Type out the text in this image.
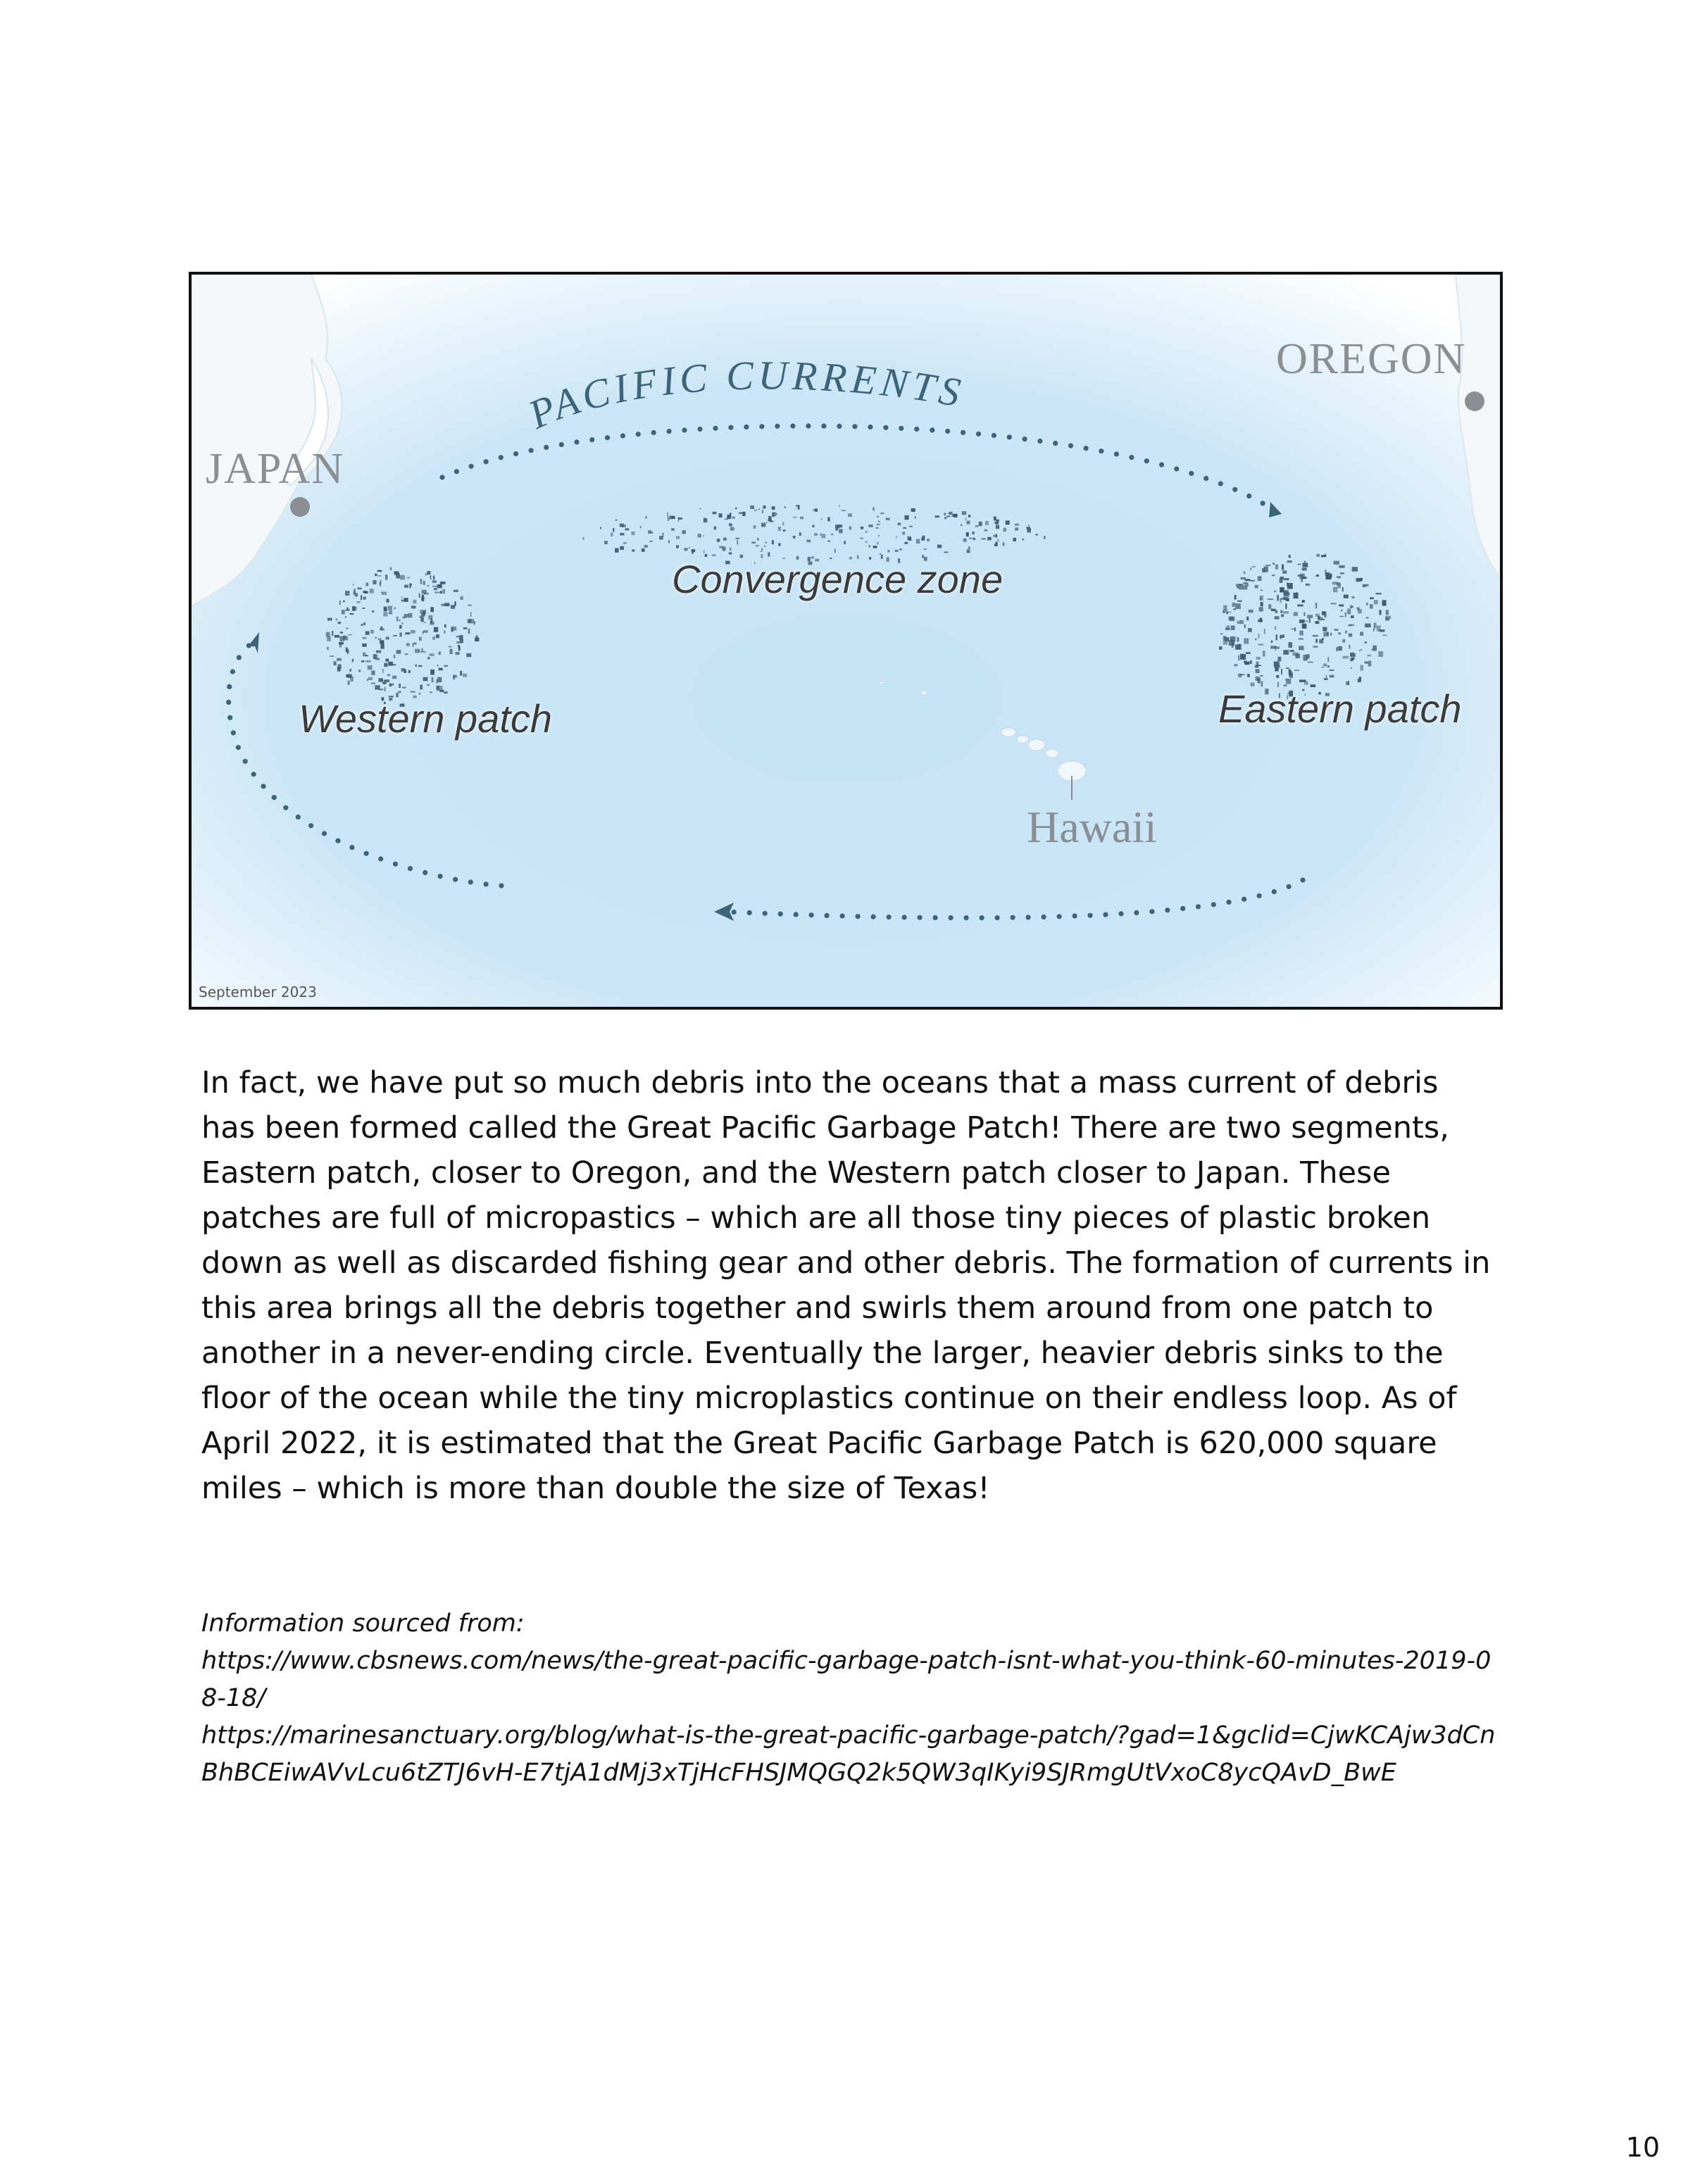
PACIFIC CURRENTS
JAPAN
OREGON
Hawaii
Convergence zone
Western patch	Eastern patch
September 2023

In fact, we have put so much debris into the oceans that a mass current of debris has been formed called the Great Pacific Garbage Patch! There are two segments, Eastern patch, closer to Oregon, and the Western patch closer to Japan. These patches are full of micropastics – which are all those tiny pieces of plastic broken down as well as discarded fishing gear and other debris. The formation of currents in this area brings all the debris together and swirls them around from one patch to another in a never-ending circle. Eventually the larger, heavier debris sinks to the floor of the ocean while the tiny microplastics continue on their endless loop. As of April 2022, it is estimated that the Great Pacific Garbage Patch is 620,000 square miles – which is more than double the size of Texas!

Information sourced from:
https://www.cbsnews.com/news/the-great-pacific-garbage-patch-isnt-what-you-think-60-minutes-2019-08-18/
https://marinesanctuary.org/blog/what-is-the-great-pacific-garbage-patch/?gad=1&gclid=CjwKCAjw3dCnBhBCEiwAVvLcu6tZTJ6vH-E7tjA1dMj3xTjHcFHSJMQGQ2k5QW3qIKyi9SJRmgUtVxoC8ycQAvD_BwE
10
